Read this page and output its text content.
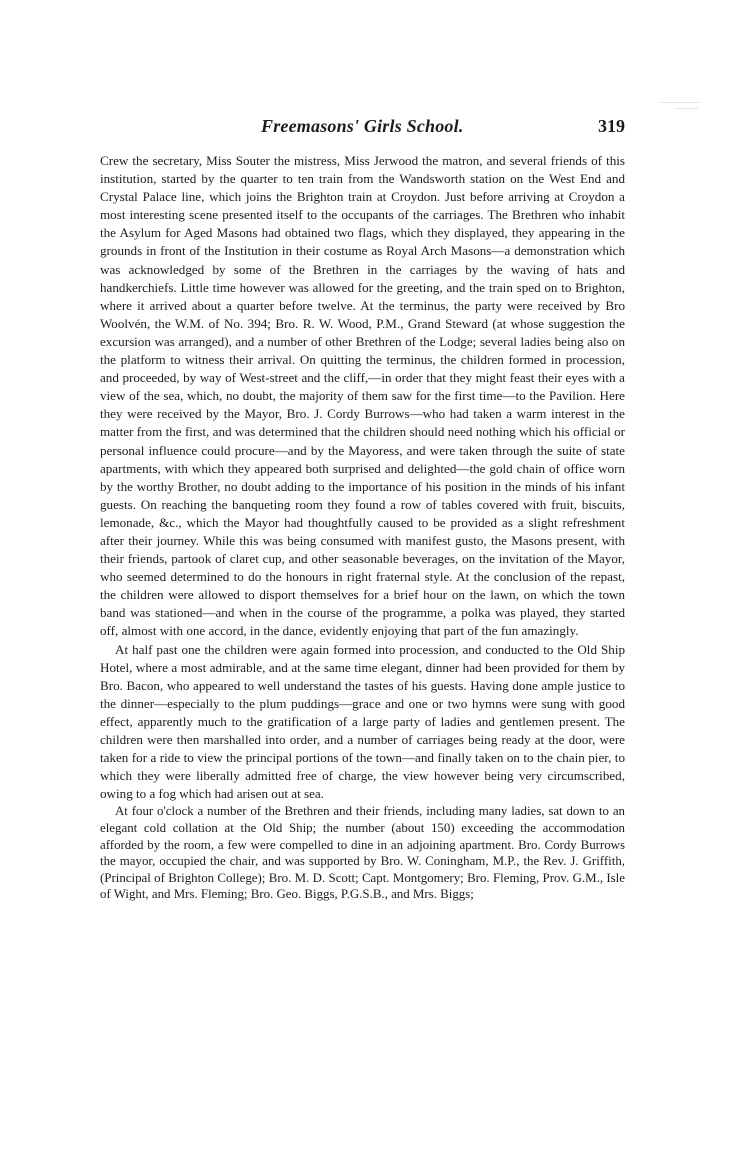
Freemasons' Girls School.	319

Crew the secretary, Miss Souter the mistress, Miss Jerwood the matron, and several friends of this institution, started by the quarter to ten train from the Wandsworth station on the West End and Crystal Palace line, which joins the Brighton train at Croydon. Just before arriving at Croydon a most interesting scene presented itself to the occupants of the carriages. The Brethren who inhabit the Asylum for Aged Masons had obtained two flags, which they displayed, they appearing in the grounds in front of the Institution in their costume as Royal Arch Masons—a demonstration which was acknowledged by some of the Brethren in the carriages by the waving of hats and handkerchiefs. Little time however was allowed for the greeting, and the train sped on to Brighton, where it arrived about a quarter before twelve. At the terminus, the party were received by Bro Woolvén, the W.M. of No. 394; Bro. R. W. Wood, P.M., Grand Steward (at whose suggestion the excursion was arranged), and a number of other Brethren of the Lodge; several ladies being also on the platform to witness their arrival. On quitting the terminus, the children formed in procession, and proceeded, by way of West-street and the cliff,—in order that they might feast their eyes with a view of the sea, which, no doubt, the majority of them saw for the first time—to the Pavilion. Here they were received by the Mayor, Bro. J. Cordy Burrows—who had taken a warm interest in the matter from the first, and was determined that the children should need nothing which his official or personal influence could procure—and by the Mayoress, and were taken through the suite of state apartments, with which they appeared both surprised and delighted—the gold chain of office worn by the worthy Brother, no doubt adding to the importance of his position in the minds of his infant guests. On reaching the banqueting room they found a row of tables covered with fruit, biscuits, lemonade, &c., which the Mayor had thoughtfully caused to be provided as a slight refreshment after their journey. While this was being consumed with manifest gusto, the Masons present, with their friends, partook of claret cup, and other seasonable beverages, on the invitation of the Mayor, who seemed determined to do the honours in right fraternal style. At the conclusion of the repast, the children were allowed to disport themselves for a brief hour on the lawn, on which the town band was stationed—and when in the course of the programme, a polka was played, they started off, almost with one accord, in the dance, evidently enjoying that part of the fun amazingly.

At half past one the children were again formed into procession, and conducted to the Old Ship Hotel, where a most admirable, and at the same time elegant, dinner had been provided for them by Bro. Bacon, who appeared to well understand the tastes of his guests. Having done ample justice to the dinner—especially to the plum puddings—grace and one or two hymns were sung with good effect, apparently much to the gratification of a large party of ladies and gentlemen present. The children were then marshalled into order, and a number of carriages being ready at the door, were taken for a ride to view the principal portions of the town—and finally taken on to the chain pier, to which they were liberally admitted free of charge, the view however being very circumscribed, owing to a fog which had arisen out at sea.

At four o'clock a number of the Brethren and their friends, including many ladies, sat down to an elegant cold collation at the Old Ship; the number (about 150) exceeding the accommodation afforded by the room, a few were compelled to dine in an adjoining apartment. Bro. Cordy Burrows the mayor, occupied the chair, and was supported by Bro. W. Coningham, M.P., the Rev. J. Griffith, (Principal of Brighton College); Bro. M. D. Scott; Capt. Montgomery; Bro. Fleming, Prov. G.M., Isle of Wight, and Mrs. Fleming; Bro. Geo. Biggs, P.G.S.B., and Mrs. Biggs;
